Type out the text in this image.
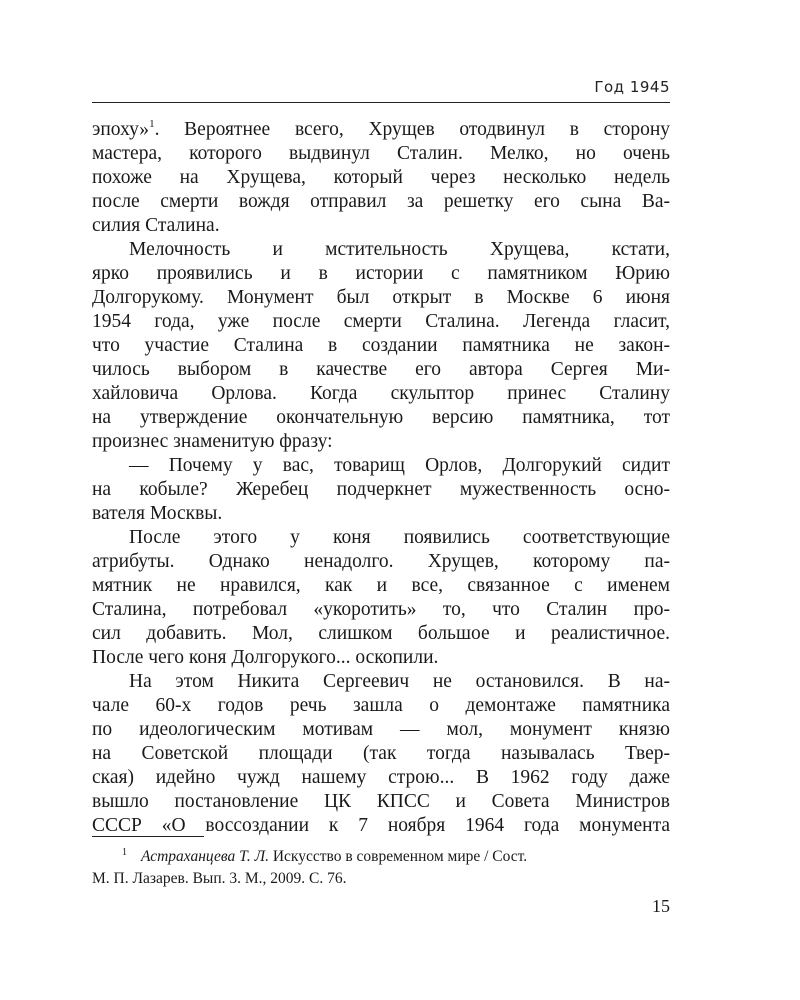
Год 1945
эпоху»$^1$. Вероятнее всего, Хрущев отодвинул в сторону
мастера, которого выдвинул Сталин. Мелко, но очень
похоже на Хрущева, который через несколько недель
после смерти вождя отправил за решетку его сына Ва-
силия Сталина.
Мелочность и мстительность Хрущева, кстати,
ярко проявились и в истории с памятником Юрию
Долгорукому. Монумент был открыт в Москве 6 июня
1954 года, уже после смерти Сталина. Легенда гласит,
что участие Сталина в создании памятника не закон-
чилось выбором в качестве его автора Сергея Ми-
хайловича Орлова. Когда скульптор принес Сталину
на утверждение окончательную версию памятника, тот
произнес знаменитую фразу:
— Почему у вас, товарищ Орлов, Долгорукий сидит
на кобыле? Жеребец подчеркнет мужественность осно-
вателя Москвы.
После этого у коня появились соответствующие
атрибуты. Однако ненадолго. Хрущев, которому па-
мятник не нравился, как и все, связанное с именем
Сталина, потребовал «укоротить» то, что Сталин про-
сил добавить. Мол, слишком большое и реалистичное.
После чего коня Долгорукого... оскопили.
На этом Никита Сергеевич не остановился. В на-
чале 60-х годов речь зашла о демонтаже памятника
по идеологическим мотивам — мол, монумент князю
на Советской площади (так тогда называлась Твер-
ская) идейно чужд нашему строю... В 1962 году даже
вышло постановление ЦК КПСС и Совета Министров
СССР «О воссоздании к 7 ноября 1964 года монумента
$^1$ Астраханцева Т. Л. Искусство в современном мире / Сост.
М. П. Лазарев. Вып. 3. М., 2009. С. 76.
15
